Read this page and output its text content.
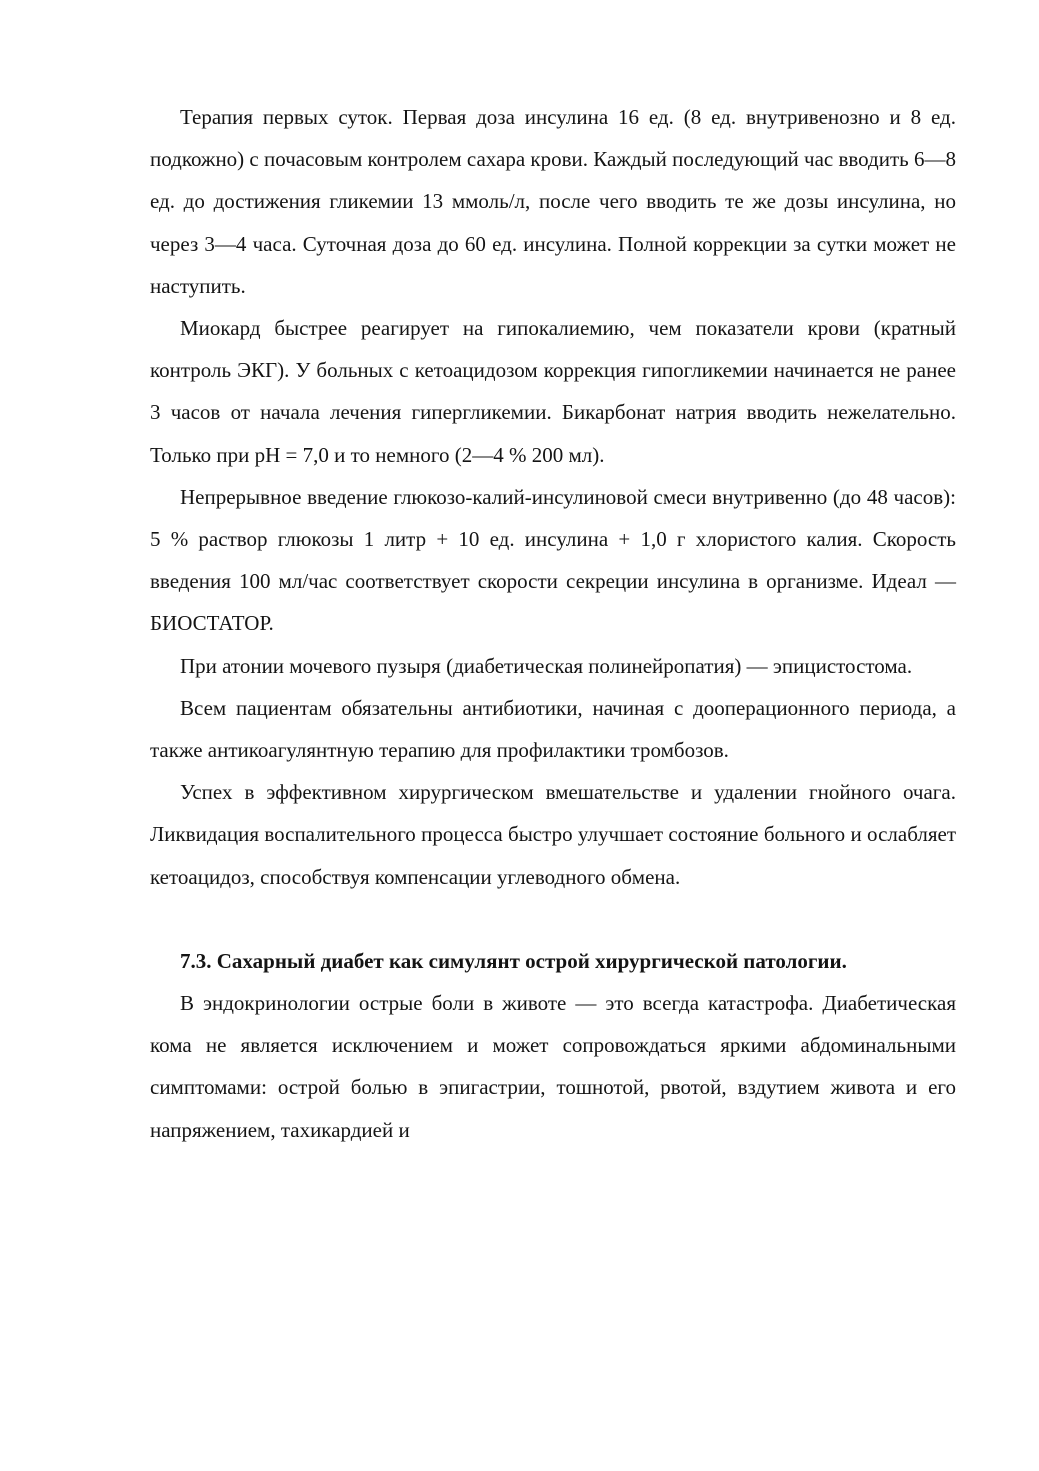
Терапия первых суток. Первая доза инсулина 16 ед. (8 ед. внутривенозно и 8 ед. подкожно) с почасовым контролем сахара крови. Каждый последующий час вводить 6—8 ед. до достижения гликемии 13 ммоль/л, после чего вводить те же дозы инсулина, но через 3—4 часа. Суточная доза до 60 ед. инсулина. Полной коррекции за сутки может не наступить.

Миокард быстрее реагирует на гипокалиемию, чем показатели крови (кратный контроль ЭКГ). У больных с кетоацидозом коррекция гипогликемии начинается не ранее 3 часов от начала лечения гипергликемии. Бикарбонат натрия вводить нежелательно. Только при pH = 7,0 и то немного (2—4 % 200 мл).

Непрерывное введение глюкозо-калий-инсулиновой смеси внутривенно (до 48 часов): 5 % раствор глюкозы 1 литр + 10 ед. инсулина + 1,0 г хлористого калия. Скорость введения 100 мл/час соответствует скорости секреции инсулина в организме. Идеал — БИОСТАТОР.

При атонии мочевого пузыря (диабетическая полинейропатия) — эпицистостома.

Всем пациентам обязательны антибиотики, начиная с дооперационного периода, а также антикоагулянтную терапию для профилактики тромбозов.

Успех в эффективном хирургическом вмешательстве и удалении гнойного очага. Ликвидация воспалительного процесса быстро улучшает состояние больного и ослабляет кетоацидоз, способствуя компенсации углеводного обмена.

7.3. Сахарный диабет как симулянт острой хирургической патологии.

В эндокринологии острые боли в животе — это всегда катастрофа. Диабетическая кома не является исключением и может сопровождаться яркими абдоминальными симптомами: острой болью в эпигастрии, тошнотой, рвотой, вздутием живота и его напряжением, тахикардией и
